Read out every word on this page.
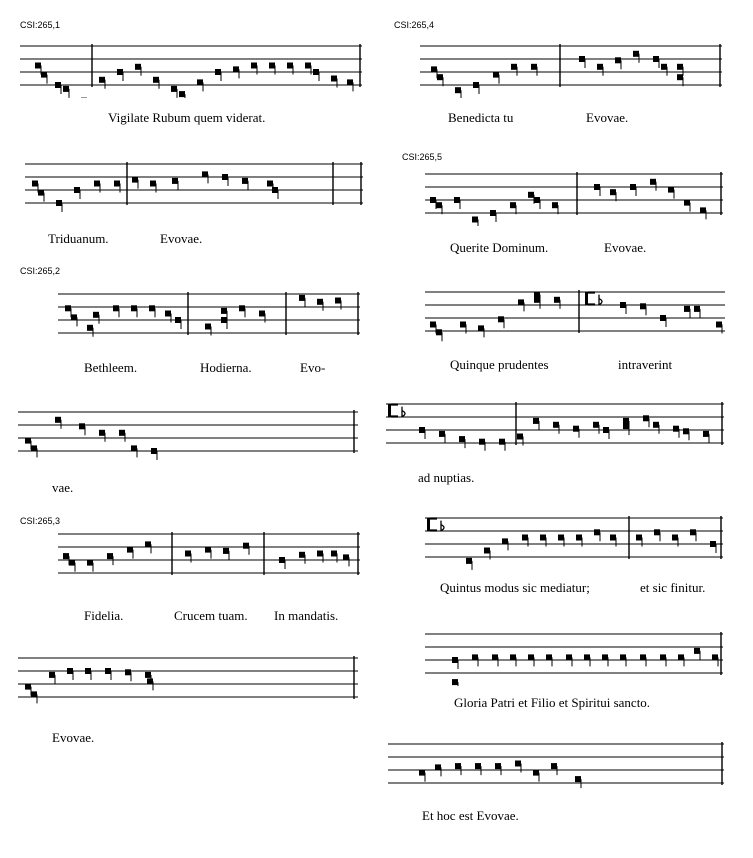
CSI:265,1	CSI:265,4
CSI:265,5
CSI:265,2
CSI:265,3
Vigilate Rubum quem viderat.
Triduanum.	Evovae.
Bethleem.	Hodierna.	Evo-
vae.
Fidelia.	Crucem tuam. In mandatis.
Evovae.
Benedicta tu	Evovae.
Querite Dominum.	Evovae.
Quinque prudentes	intraverint
ad nuptias.
Quintus modus sic mediatur;	et sic finitur.
Gloria Patri et Filio et Spiritui sancto.
Et hoc est Evovae.
